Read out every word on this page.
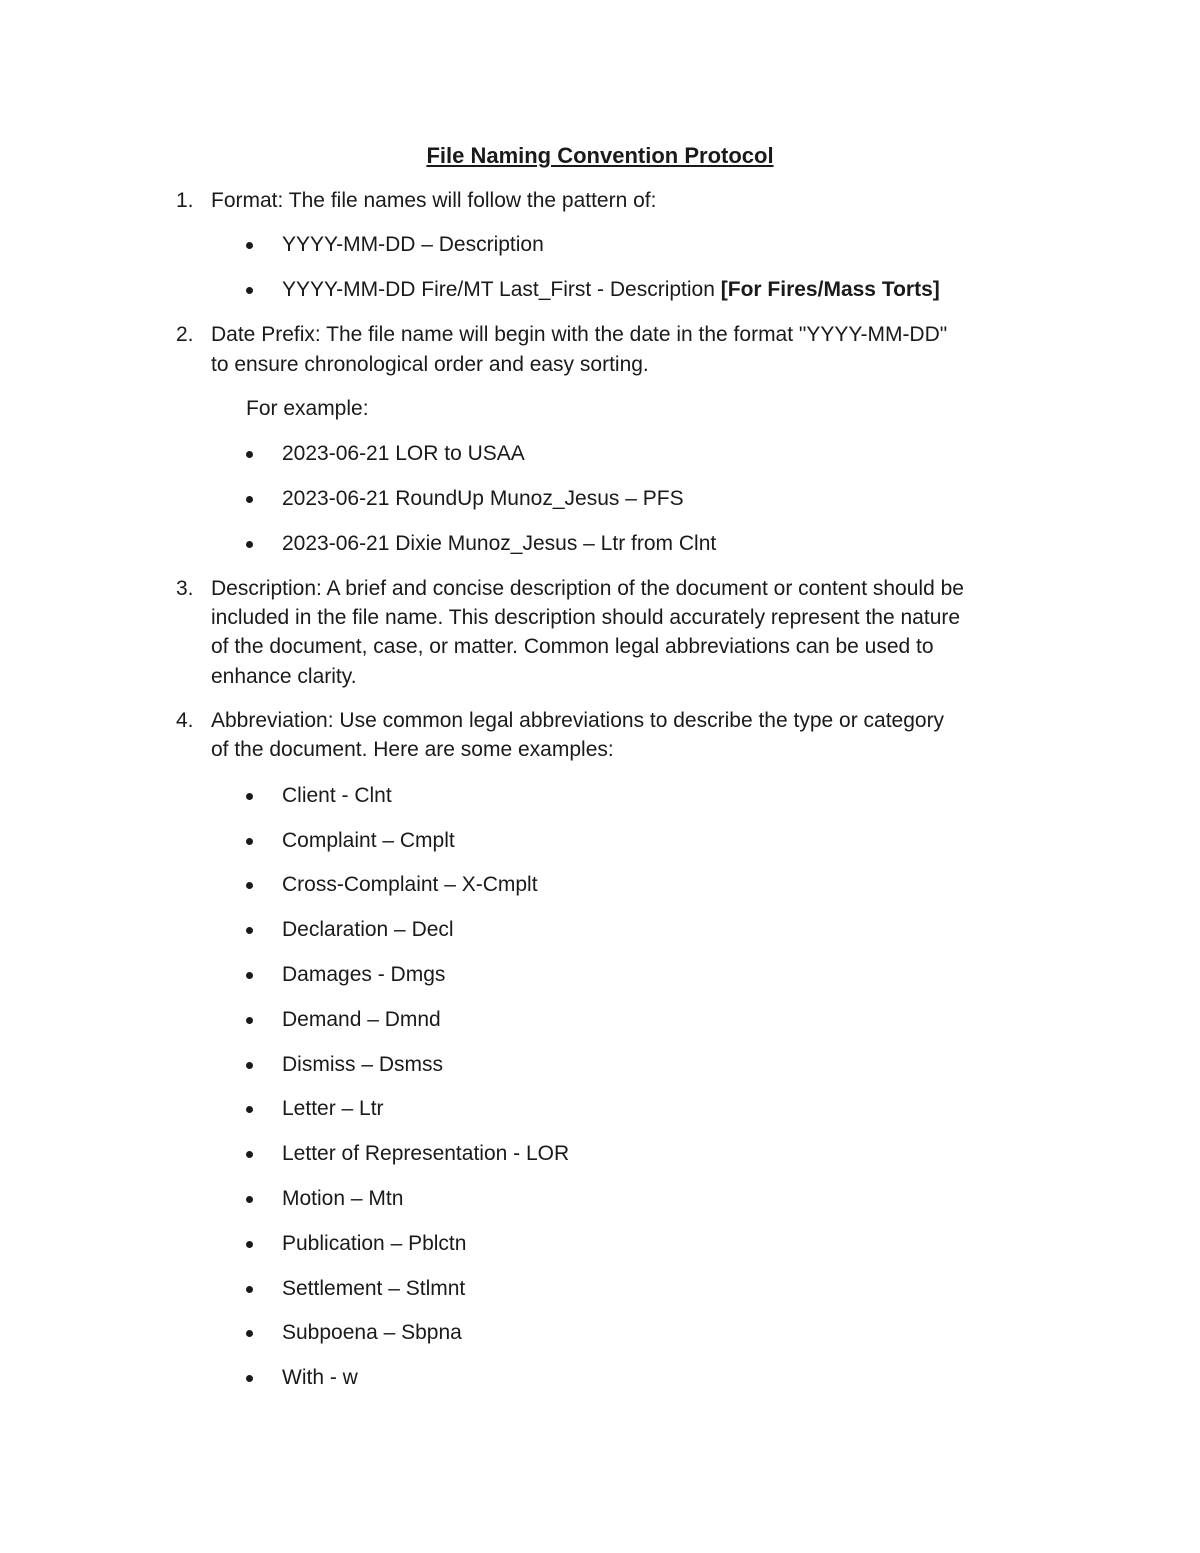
File Naming Convention Protocol
1. Format: The file names will follow the pattern of:
YYYY-MM-DD – Description
YYYY-MM-DD Fire/MT Last_First - Description [For Fires/Mass Torts]
2. Date Prefix: The file name will begin with the date in the format "YYYY-MM-DD"
to ensure chronological order and easy sorting.
For example:
2023-06-21 LOR to USAA
2023-06-21 RoundUp Munoz_Jesus – PFS
2023-06-21 Dixie Munoz_Jesus – Ltr from Clnt
3. Description: A brief and concise description of the document or content should be
included in the file name. This description should accurately represent the nature
of the document, case, or matter. Common legal abbreviations can be used to
enhance clarity.
4. Abbreviation: Use common legal abbreviations to describe the type or category
of the document. Here are some examples:
Client - Clnt
Complaint – Cmplt
Cross-Complaint – X-Cmplt
Declaration – Decl
Damages - Dmgs
Demand – Dmnd
Dismiss – Dsmss
Letter – Ltr
Letter of Representation - LOR
Motion – Mtn
Publication – Pblctn
Settlement – Stlmnt
Subpoena – Sbpna
With - w
